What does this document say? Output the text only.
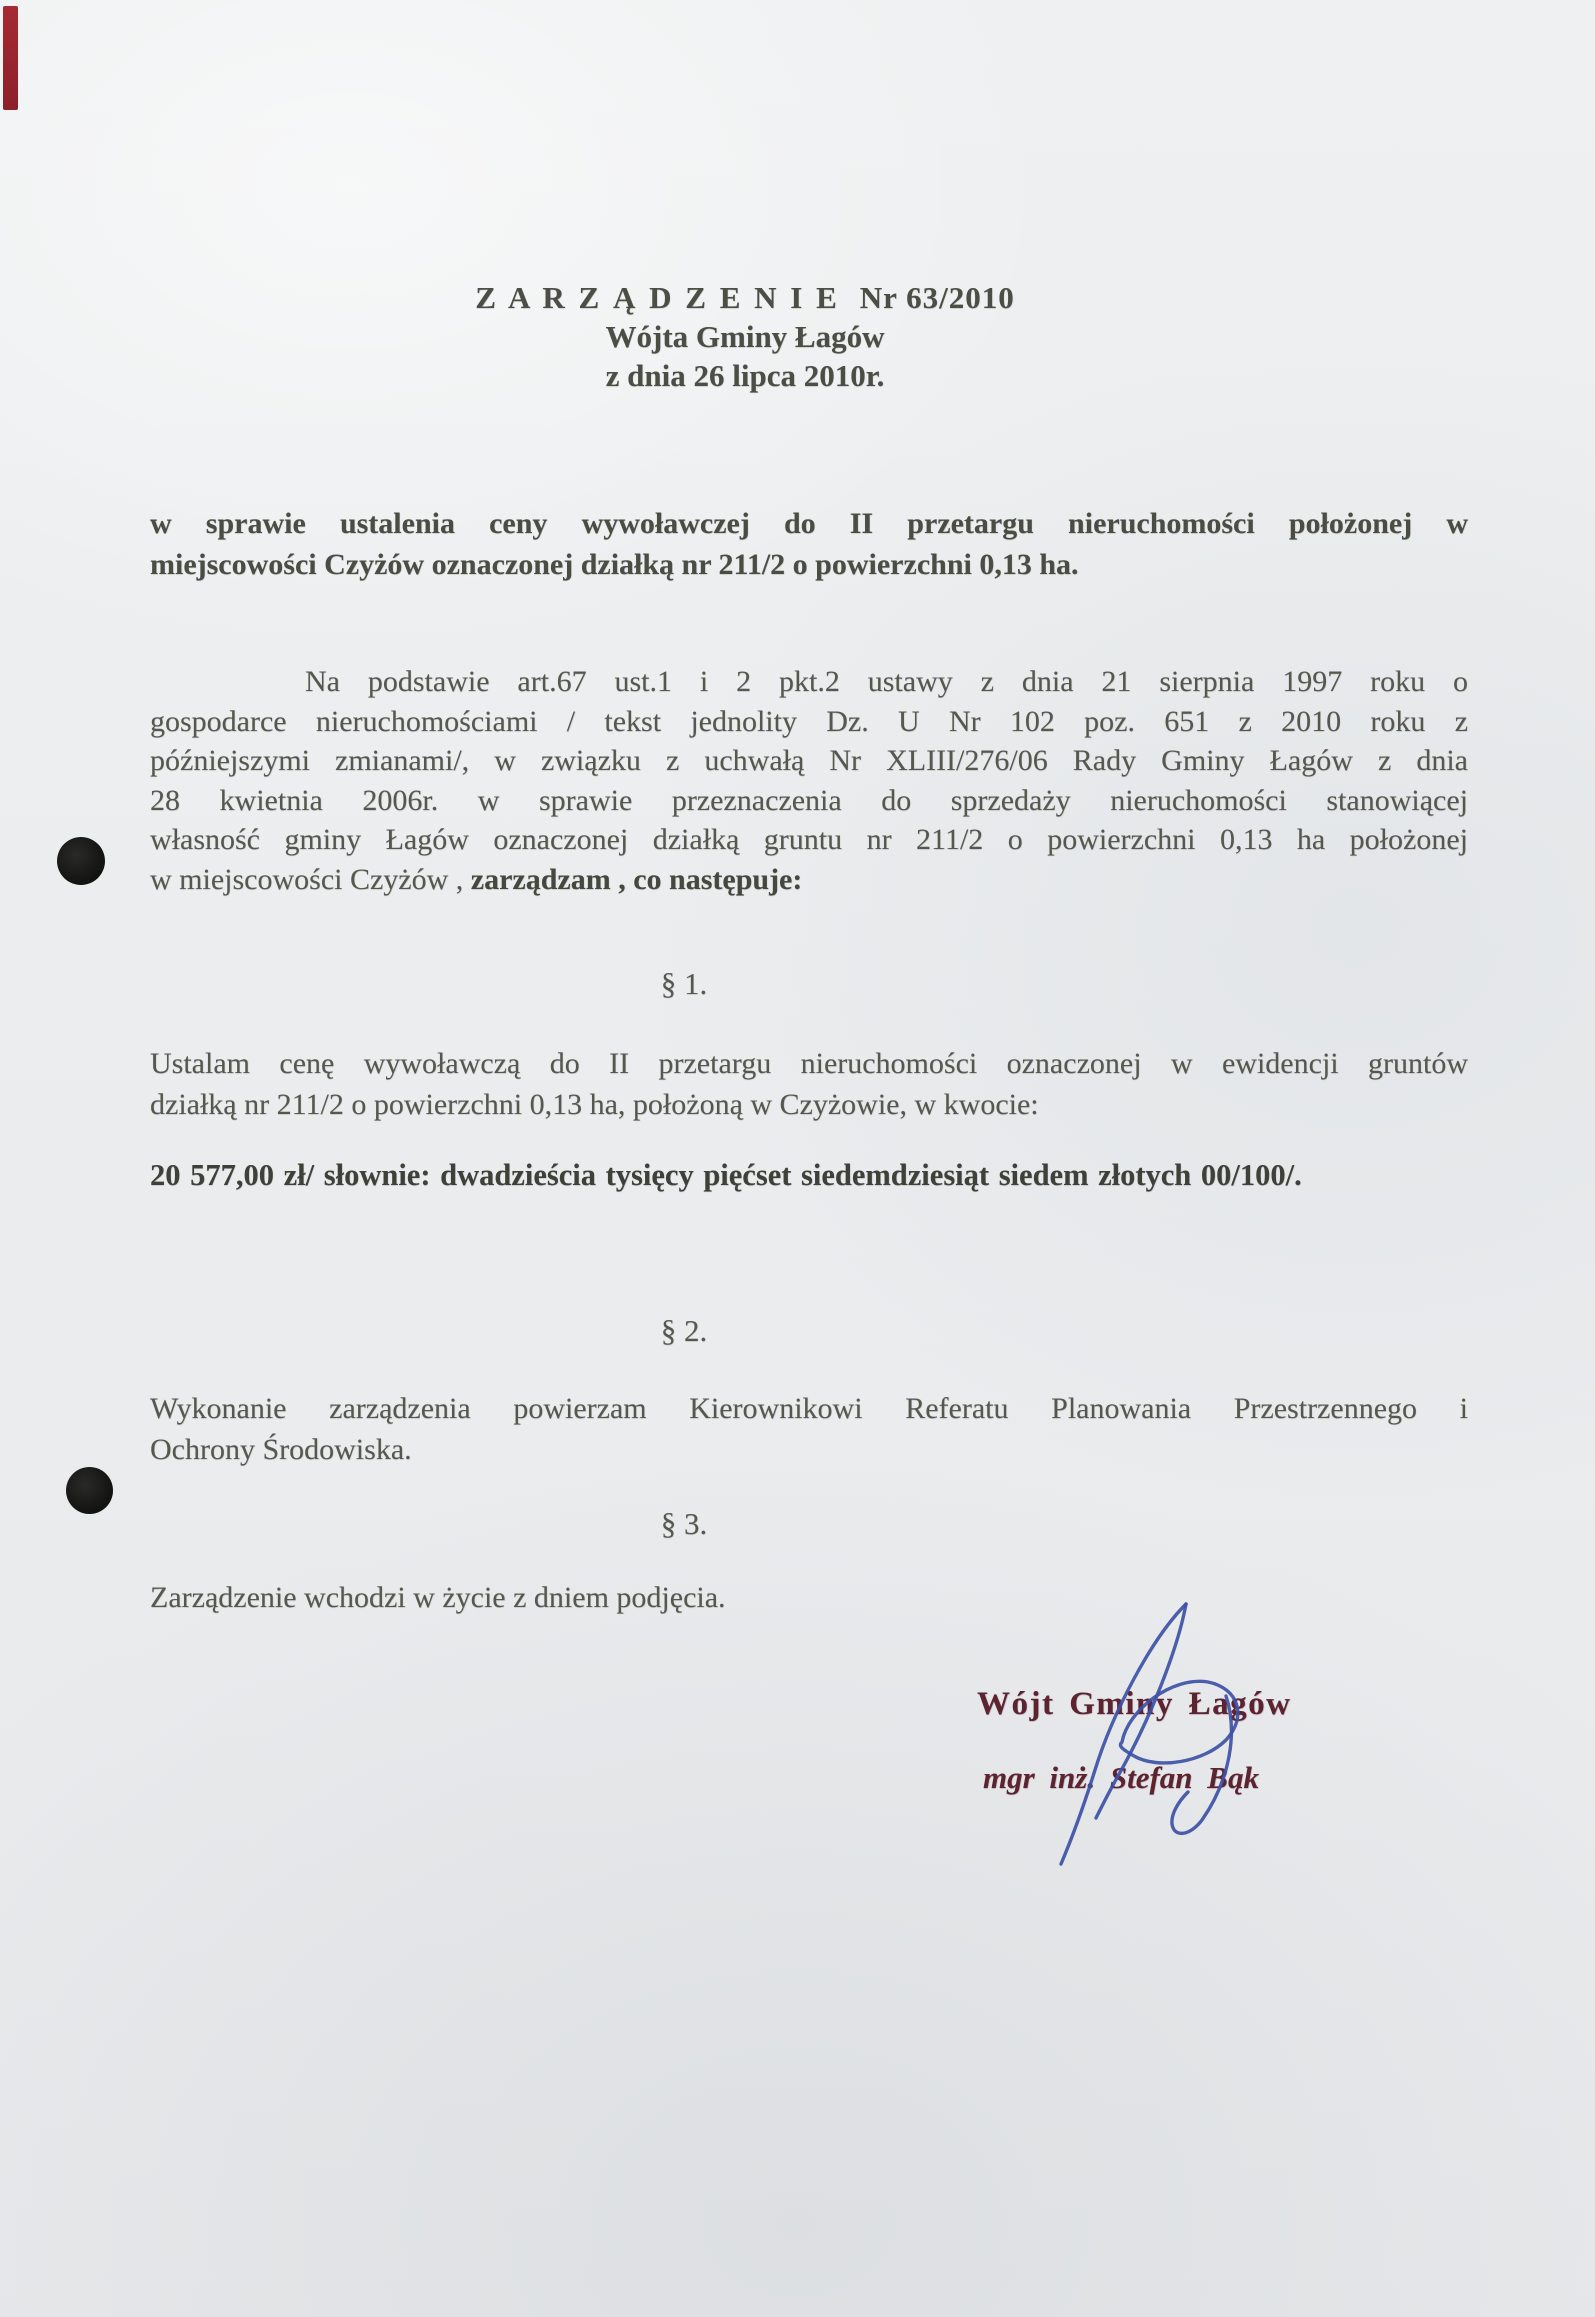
Z A R Z Ą D Z E N I E Nr 63/2010
Wójta Gminy Łagów
z dnia 26 lipca 2010r.
w sprawie ustalenia ceny wywoławczej do II przetargu nieruchomości położonej w
miejscowości Czyżów oznaczonej działką nr 211/2 o powierzchni 0,13 ha.
Na podstawie art.67 ust.1 i 2 pkt.2 ustawy z dnia 21 sierpnia 1997 roku o
gospodarce nieruchomościami / tekst jednolity Dz. U Nr 102 poz. 651 z 2010 roku z
późniejszymi zmianami/, w związku z uchwałą Nr XLIII/276/06 Rady Gminy Łagów z dnia
28 kwietnia 2006r. w sprawie przeznaczenia do sprzedaży nieruchomości stanowiącej
własność gminy Łagów oznaczonej działką gruntu nr 211/2 o powierzchni 0,13 ha położonej
w miejscowości Czyżów , zarządzam , co następuje:
§ 1.
Ustalam cenę wywoławczą do II przetargu nieruchomości oznaczonej w ewidencji gruntów
działką nr 211/2 o powierzchni 0,13 ha, położoną w Czyżowie, w kwocie:
20 577,00 zł/ słownie: dwadzieścia tysięcy pięćset siedemdziesiąt siedem złotych 00/100/.
§ 2.
Wykonanie zarządzenia powierzam Kierownikowi Referatu Planowania Przestrzennego i
Ochrony Środowiska.
§ 3.
Zarządzenie wchodzi w życie z dniem podjęcia.
Wójt Gminy Łagów
mgr inż. Stefan Bąk
